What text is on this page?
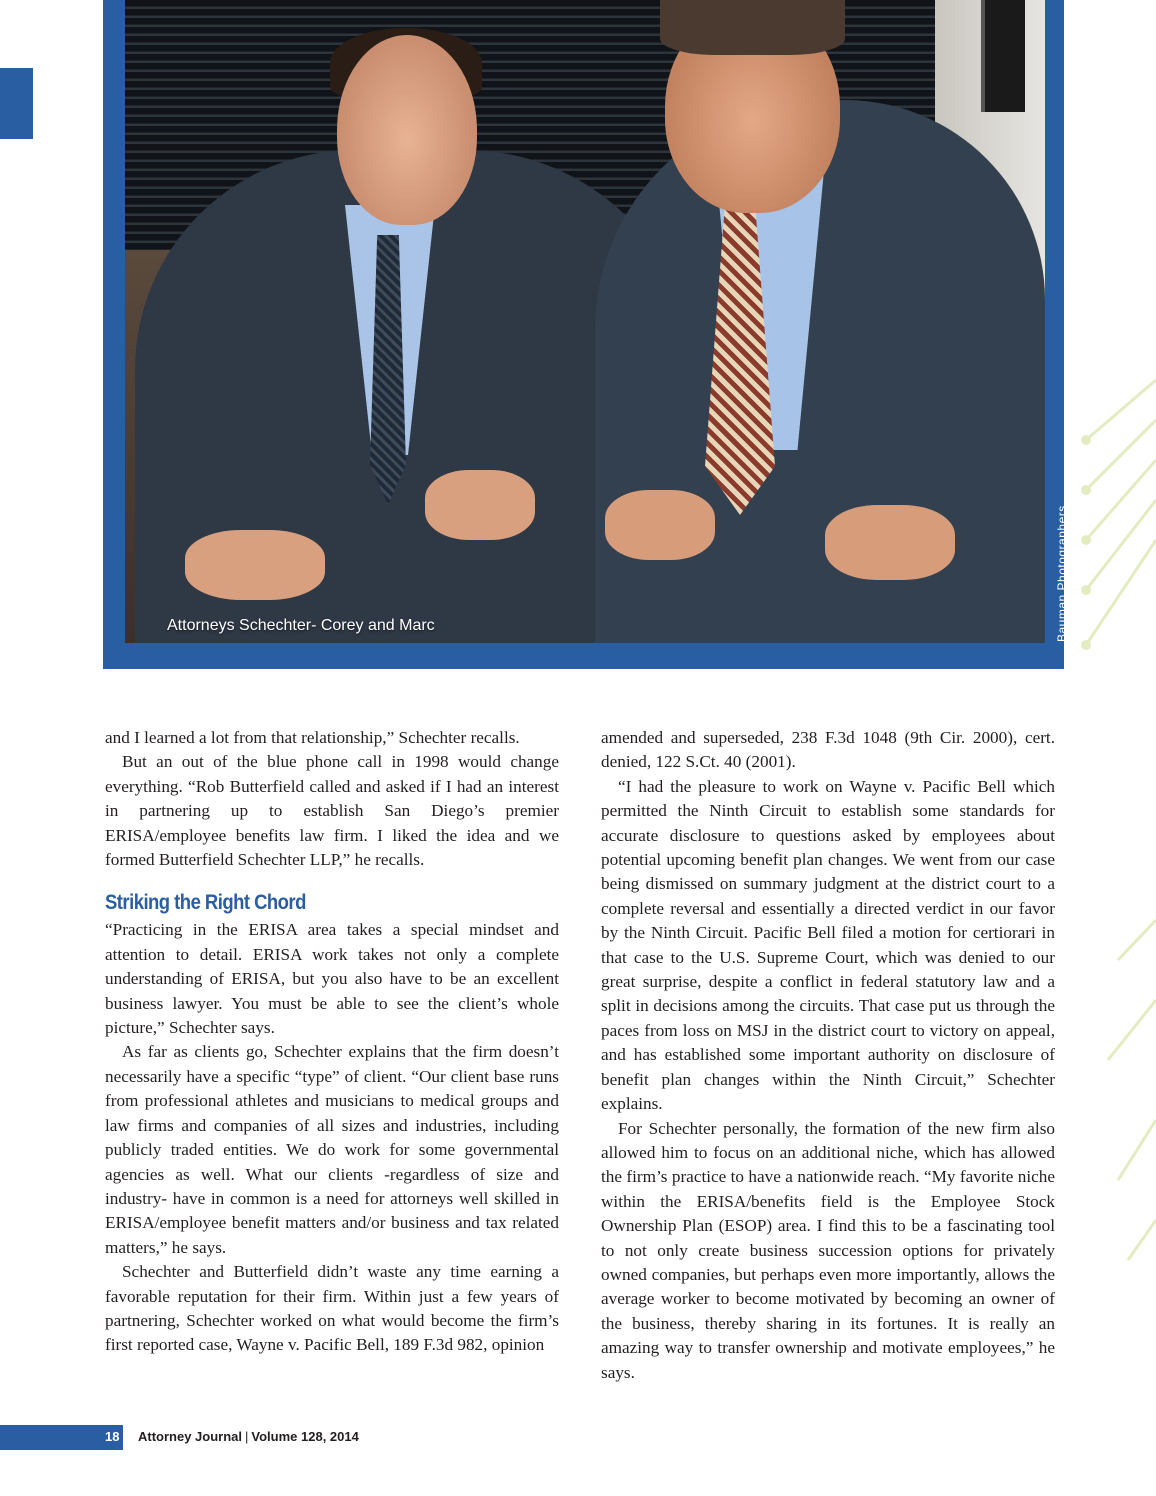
Attorneys Schechter- Corey and Marc	Bauman Photographers

and I learned a lot from that relationship,” Schechter recalls.

But an out of the blue phone call in 1998 would change everything. “Rob Butterfield called and asked if I had an interest in partnering up to establish San Diego’s premier ERISA/employee benefits law firm. I liked the idea and we formed Butterfield Schechter LLP,” he recalls.

Striking the Right Chord

“Practicing in the ERISA area takes a special mindset and attention to detail. ERISA work takes not only a complete understanding of ERISA, but you also have to be an excellent business lawyer. You must be able to see the client’s whole picture,” Schechter says.

As far as clients go, Schechter explains that the firm doesn’t necessarily have a specific “type” of client. “Our client base runs from professional athletes and musicians to medical groups and law firms and companies of all sizes and industries, including publicly traded entities. We do work for some governmental agencies as well. What our clients -regardless of size and industry- have in common is a need for attorneys well skilled in ERISA/employee benefit matters and/or business and tax related matters,” he says.

Schechter and Butterfield didn’t waste any time earning a favorable reputation for their firm. Within just a few years of partnering, Schechter worked on what would become the firm’s first reported case, Wayne v. Pacific Bell, 189 F.3d 982, opinion

amended and superseded, 238 F.3d 1048 (9th Cir. 2000), cert. denied, 122 S.Ct. 40 (2001).

“I had the pleasure to work on Wayne v. Pacific Bell which permitted the Ninth Circuit to establish some standards for accurate disclosure to questions asked by employees about potential upcoming benefit plan changes. We went from our case being dismissed on summary judgment at the district court to a complete reversal and essentially a directed verdict in our favor by the Ninth Circuit. Pacific Bell filed a motion for certiorari in that case to the U.S. Supreme Court, which was denied to our great surprise, despite a conflict in federal statutory law and a split in decisions among the circuits. That case put us through the paces from loss on MSJ in the district court to victory on appeal, and has established some important authority on disclosure of benefit plan changes within the Ninth Circuit,” Schechter explains.

For Schechter personally, the formation of the new firm also allowed him to focus on an additional niche, which has allowed the firm’s practice to have a nationwide reach. “My favorite niche within the ERISA/benefits field is the Employee Stock Ownership Plan (ESOP) area. I find this to be a fascinating tool to not only create business succession options for privately owned companies, but perhaps even more importantly, allows the average worker to become motivated by becoming an owner of the business, thereby sharing in its fortunes. It is really an amazing way to transfer ownership and motivate employees,” he says.

18 Attorney Journal | Volume 128, 2014
